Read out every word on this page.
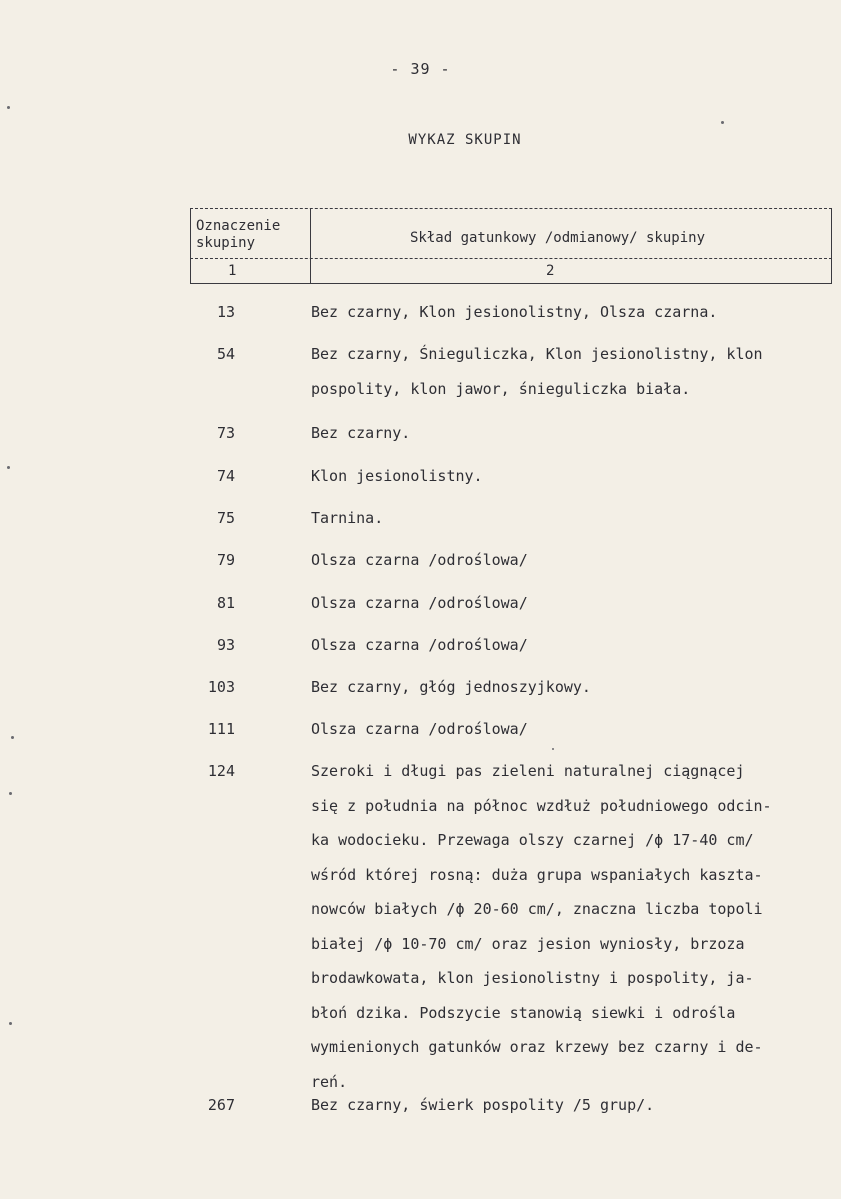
- 39 -
WYKAZ SKUPIN
Oznaczenie
skupiny	Skład gatunkowy /odmianowy/ skupiny
1	2
13	Bez czarny, Klon jesionolistny, Olsza czarna.
54	Bez czarny, Śnieguliczka, Klon jesionolistny, klon
pospolity, klon jawor, śnieguliczka biała.
73	Bez czarny.
74	Klon jesionolistny.
75	Tarnina.
79	Olsza czarna /odroślowa/
81	Olsza czarna /odroślowa/
93	Olsza czarna /odroślowa/
103	Bez czarny, głóg jednoszyjkowy.
111	Olsza czarna /odroślowa/
124	Szeroki i długi pas zieleni naturalnej ciągnącej
się z południa na północ wzdłuż południowego odcin-
ka wodocieku. Przewaga olszy czarnej /ϕ 17-40 cm/
wśród której rosną: duża grupa wspaniałych kaszta-
nowców białych /ϕ 20-60 cm/, znaczna liczba topoli
białej /ϕ 10-70 cm/ oraz jesion wyniosły, brzoza
brodawkowata, klon jesionolistny i pospolity, ja-
błoń dzika. Podszycie stanowią siewki i odrośla
wymienionych gatunków oraz krzewy bez czarny i de-
reń.
267	Bez czarny, świerk pospolity /5 grup/.
